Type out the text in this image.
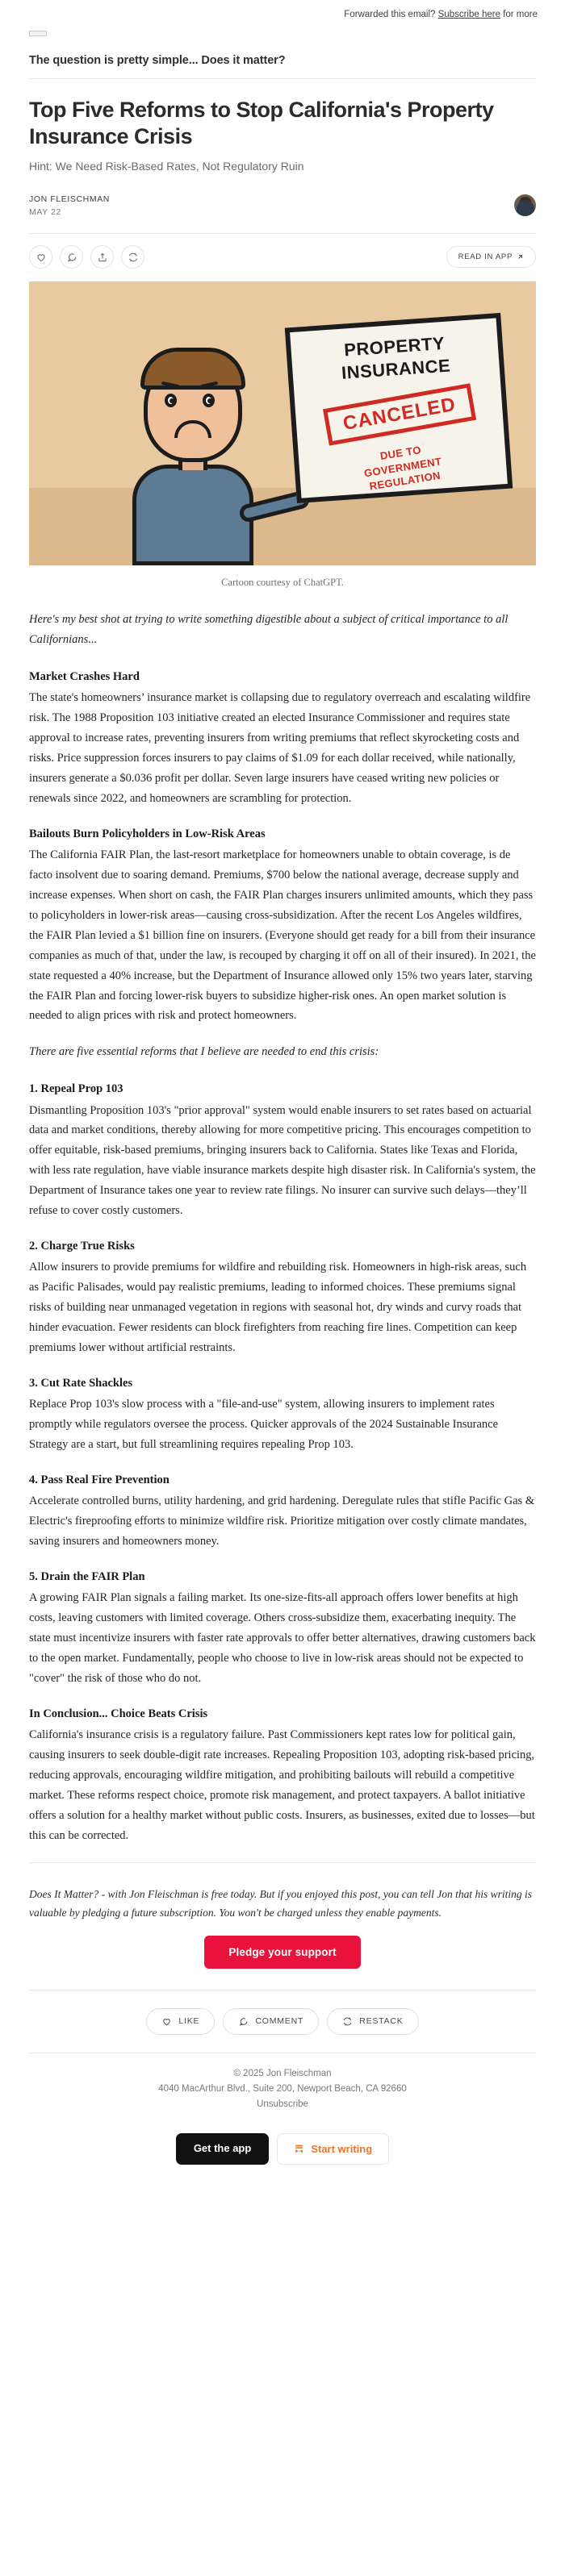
Forwarded this email? Subscribe here for more
The question is pretty simple... Does it matter?
Top Five Reforms to Stop California's Property Insurance Crisis
Hint: We Need Risk-Based Rates, Not Regulatory Ruin
JON FLEISCHMAN
MAY 22
READ IN APP
PROPERTY
INSURANCE
CANCELED
DUE TO
GOVERNMENT
REGULATION
Cartoon courtesy of ChatGPT.

Here's my best shot at trying to write something digestible about a subject of critical importance to all Californians...

Market Crashes Hard

The state's homeowners’ insurance market is collapsing due to regulatory overreach and escalating wildfire risk. The 1988 Proposition 103 initiative created an elected Insurance Commissioner and requires state approval to increase rates, preventing insurers from writing premiums that reflect skyrocketing costs and risks. Price suppression forces insurers to pay claims of $1.09 for each dollar received, while nationally, insurers generate a $0.036 profit per dollar. Seven large insurers have ceased writing new policies or renewals since 2022, and homeowners are scrambling for protection.

Bailouts Burn Policyholders in Low-Risk Areas

The California FAIR Plan, the last-resort marketplace for homeowners unable to obtain coverage, is de facto insolvent due to soaring demand. Premiums, $700 below the national average, decrease supply and increase expenses. When short on cash, the FAIR Plan charges insurers unlimited amounts, which they pass to policyholders in lower-risk areas—causing cross-subsidization. After the recent Los Angeles wildfires, the FAIR Plan levied a $1 billion fine on insurers. (Everyone should get ready for a bill from their insurance companies as much of that, under the law, is recouped by charging it off on all of their insured). In 2021, the state requested a 40% increase, but the Department of Insurance allowed only 15% two years later, starving the FAIR Plan and forcing lower-risk buyers to subsidize higher-risk ones. An open market solution is needed to align prices with risk and protect homeowners.

There are five essential reforms that I believe are needed to end this crisis:

1. Repeal Prop 103

Dismantling Proposition 103's "prior approval" system would enable insurers to set rates based on actuarial data and market conditions, thereby allowing for more competitive pricing. This encourages competition to offer equitable, risk-based premiums, bringing insurers back to California. States like Texas and Florida, with less rate regulation, have viable insurance markets despite high disaster risk. In California's system, the Department of Insurance takes one year to review rate filings. No insurer can survive such delays—they’ll refuse to cover costly customers.

2. Charge True Risks

Allow insurers to provide premiums for wildfire and rebuilding risk. Homeowners in high-risk areas, such as Pacific Palisades, would pay realistic premiums, leading to informed choices. These premiums signal risks of building near unmanaged vegetation in regions with seasonal hot, dry winds and curvy roads that hinder evacuation. Fewer residents can block firefighters from reaching fire lines. Competition can keep premiums lower without artificial restraints.

3. Cut Rate Shackles

Replace Prop 103's slow process with a "file-and-use" system, allowing insurers to implement rates promptly while regulators oversee the process. Quicker approvals of the 2024 Sustainable Insurance Strategy are a start, but full streamlining requires repealing Prop 103.

4. Pass Real Fire Prevention

Accelerate controlled burns, utility hardening, and grid hardening. Deregulate rules that stifle Pacific Gas & Electric's fireproofing efforts to minimize wildfire risk. Prioritize mitigation over costly climate mandates, saving insurers and homeowners money.

5. Drain the FAIR Plan

A growing FAIR Plan signals a failing market. Its one-size-fits-all approach offers lower benefits at high costs, leaving customers with limited coverage. Others cross-subsidize them, exacerbating inequity. The state must incentivize insurers with faster rate approvals to offer better alternatives, drawing customers back to the open market. Fundamentally, people who choose to live in low-risk areas should not be expected to "cover" the risk of those who do not.

In Conclusion... Choice Beats Crisis

California's insurance crisis is a regulatory failure. Past Commissioners kept rates low for political gain, causing insurers to seek double-digit rate increases. Repealing Proposition 103, adopting risk-based pricing, reducing approvals, encouraging wildfire mitigation, and prohibiting bailouts will rebuild a competitive market. These reforms respect choice, promote risk management, and protect taxpayers. A ballot initiative offers a solution for a healthy market without public costs. Insurers, as businesses, exited due to losses—but this can be corrected.

Does It Matter? - with Jon Fleischman is free today. But if you enjoyed this post, you can tell Jon that his writing is valuable by pledging a future subscription. You won't be charged unless they enable payments.
Pledge your support
LIKE	COMMENT	RESTACK
© 2025 Jon Fleischman
4040 MacArthur Blvd., Suite 200, Newport Beach, CA 92660
Unsubscribe
Get the app	Start writing
